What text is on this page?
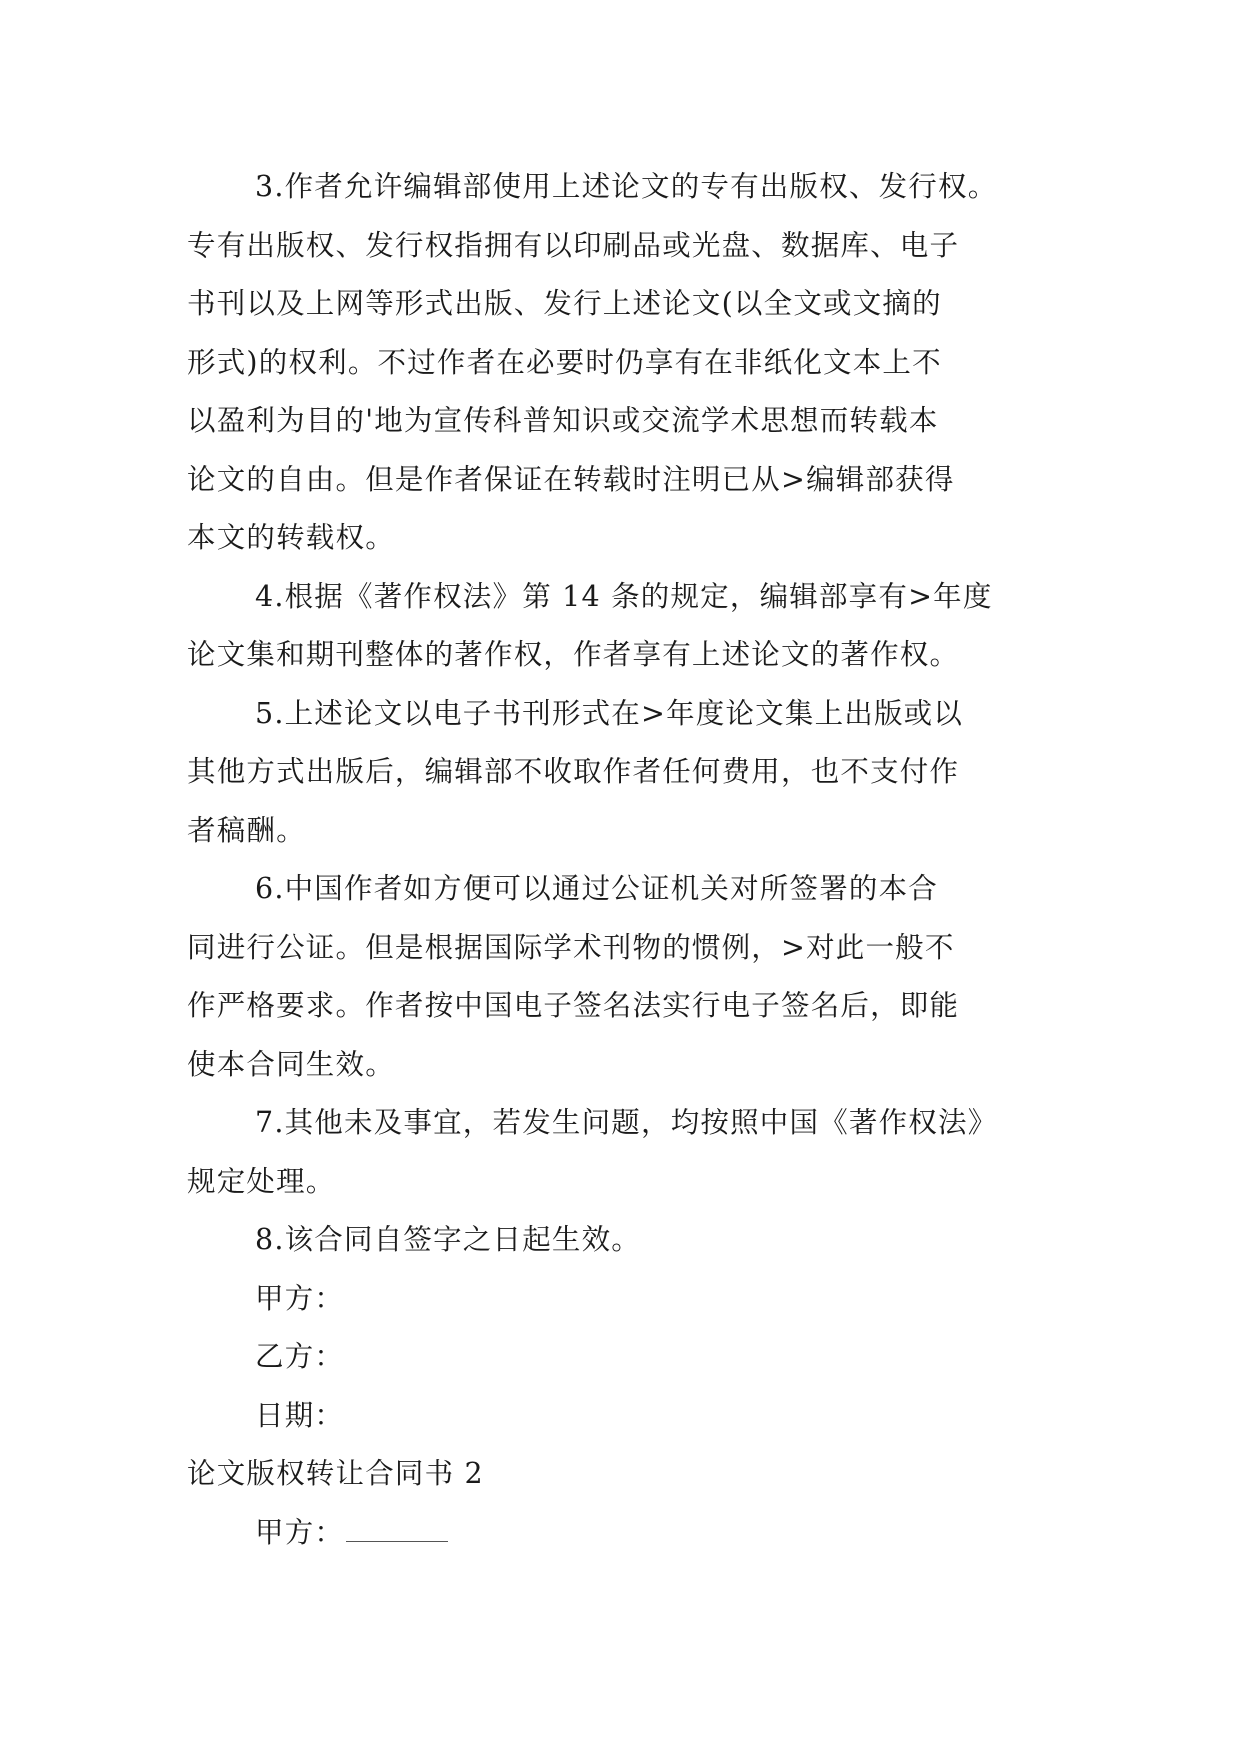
3.作者允许编辑部使用上述论文的专有出版权、发行权。
专有出版权、发行权指拥有以印刷品或光盘、数据库、电子
书刊以及上网等形式出版、发行上述论文(以全文或文摘的
形式)的权利。不过作者在必要时仍享有在非纸化文本上不
以盈利为目的'地为宣传科普知识或交流学术思想而转载本
论文的自由。但是作者保证在转载时注明已从>编辑部获得
本文的转载权。
4.根据《著作权法》第 14 条的规定，编辑部享有>年度
论文集和期刊整体的著作权，作者享有上述论文的著作权。
5.上述论文以电子书刊形式在>年度论文集上出版或以
其他方式出版后，编辑部不收取作者任何费用，也不支付作
者稿酬。
6.中国作者如方便可以通过公证机关对所签署的本合
同进行公证。但是根据国际学术刊物的惯例，>对此一般不
作严格要求。作者按中国电子签名法实行电子签名后，即能
使本合同生效。
7.其他未及事宜，若发生问题，均按照中国《著作权法》
规定处理。
8.该合同自签字之日起生效。
甲方：
乙方：
日期：
论文版权转让合同书 2
甲方：
